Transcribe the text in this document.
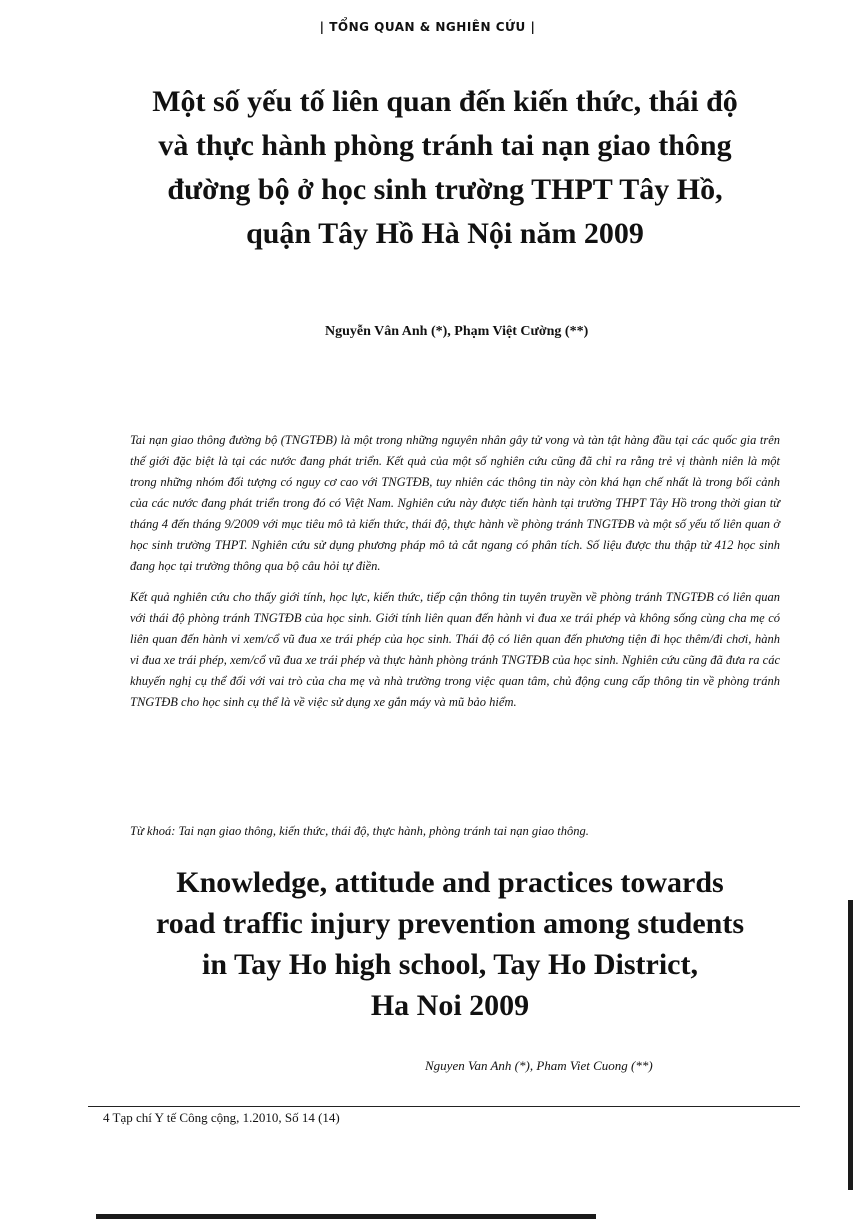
| TỔNG QUAN & NGHIÊN CỨU |
Một số yếu tố liên quan đến kiến thức, thái độ
và thực hành phòng tránh tai nạn giao thông
đường bộ ở học sinh trường THPT Tây Hồ,
quận Tây Hồ Hà Nội năm 2009
Nguyễn Vân Anh (*), Phạm Việt Cường (**)

Tai nạn giao thông đường bộ (TNGTĐB) là một trong những nguyên nhân gây tử vong và tàn tật hàng đầu tại các quốc gia trên thế giới đặc biệt là tại các nước đang phát triển. Kết quả của một số nghiên cứu cũng đã chỉ ra rằng trẻ vị thành niên là một trong những nhóm đối tượng có nguy cơ cao với TNGTĐB, tuy nhiên các thông tin này còn khá hạn chế nhất là trong bối cảnh của các nước đang phát triển trong đó có Việt Nam. Nghiên cứu này được tiến hành tại trường THPT Tây Hồ trong thời gian từ tháng 4 đến tháng 9/2009 với mục tiêu mô tả kiến thức, thái độ, thực hành về phòng tránh TNGTĐB và một số yếu tố liên quan ở học sinh trường THPT. Nghiên cứu sử dụng phương pháp mô tả cắt ngang có phân tích. Số liệu được thu thập từ 412 học sinh đang học tại trường thông qua bộ câu hỏi tự điền.

Kết quả nghiên cứu cho thấy giới tính, học lực, kiến thức, tiếp cận thông tin tuyên truyền về phòng tránh TNGTĐB có liên quan với thái độ phòng tránh TNGTĐB của học sinh. Giới tính liên quan đến hành vi đua xe trái phép và không sống cùng cha mẹ có liên quan đến hành vi xem/cổ vũ đua xe trái phép của học sinh. Thái độ có liên quan đến phương tiện đi học thêm/đi chơi, hành vi đua xe trái phép, xem/cổ vũ đua xe trái phép và thực hành phòng tránh TNGTĐB của học sinh. Nghiên cứu cũng đã đưa ra các khuyến nghị cụ thể đối với vai trò của cha mẹ và nhà trường trong việc quan tâm, chủ động cung cấp thông tin về phòng tránh TNGTĐB cho học sinh cụ thể là về việc sử dụng xe gắn máy và mũ bảo hiểm.

Từ khoá: Tai nạn giao thông, kiến thức, thái độ, thực hành, phòng tránh tai nạn giao thông.
Knowledge, attitude and practices towards
road traffic injury prevention among students
in Tay Ho high school, Tay Ho District,
Ha Noi 2009
Nguyen Van Anh (*), Pham Viet Cuong (**)
4 Tạp chí Y tế Công cộng, 1.2010, Số 14 (14)
